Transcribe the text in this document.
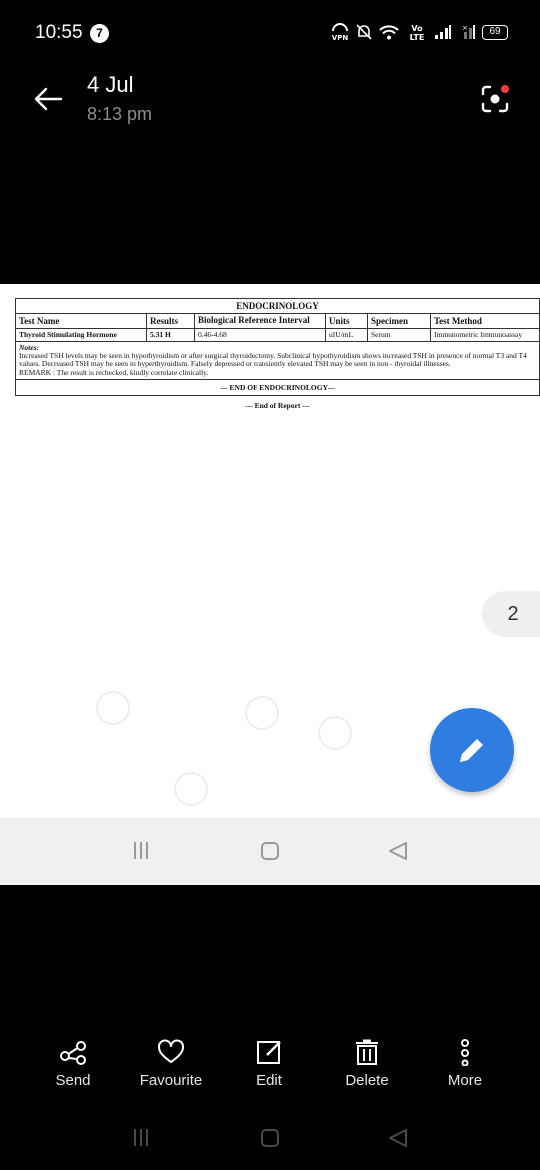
10:55	7	VPN
Vo
LTE
×	69
4 Jul
8:13 pm
ENDOCRINOLOGY					
Test Name	Results	Biological Reference Interval	Units	Specimen	Test Method
Thyroid Stimulating Hormone	5.31 H	0.46-4.68	uIU/mL	Serum	Immunometric Immunoassay
Notes:
Increased TSH levels may be seen in hypothyroidism or after surgical thyroidectomy. Subclinical hypothyroidism shows increased TSH in presence of normal T3 and T4 values. Decreased TSH may be seen in hyperthyroidism. Falsely depressed or transiently elevated TSH may be seen in non - thyroidal illnesses.
REMARK : The result is rechecked, kindly correlate clinically.
--- END OF ENDOCRINOLOGY---
--- End of Report ---
2
Send	Favourite	Edit	Delete	More
